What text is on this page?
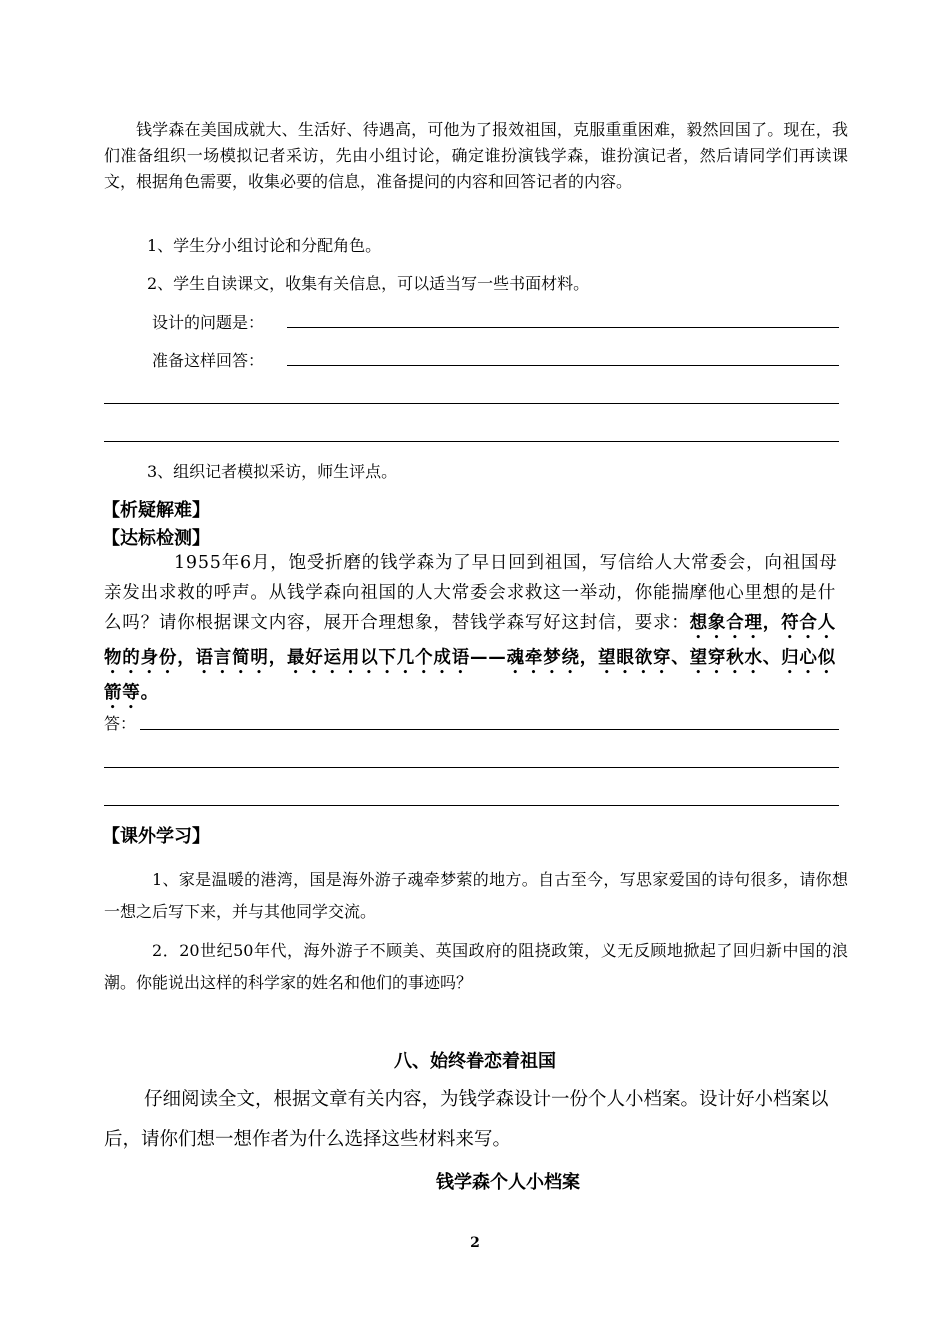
钱学森在美国成就大、生活好、待遇高，可他为了报效祖国，克服重重困难，毅然回国了。现在，我们准备组织一场模拟记者采访，先由小组讨论，确定谁扮演钱学森，谁扮演记者，然后请同学们再读课文，根据角色需要，收集必要的信息，准备提问的内容和回答记者的内容。
1、学生分小组讨论和分配角色。
2、学生自读课文，收集有关信息，可以适当写一些书面材料。
设计的问题是：
准备这样回答：
3、组织记者模拟采访，师生评点。
【析疑解难】
【达标检测】
1955年6月，饱受折磨的钱学森为了早日回到祖国，写信给人大常委会，向祖国母亲发出求救的呼声。从钱学森向祖国的人大常委会求救这一举动，你能揣摩他心里想的是什么吗？请你根据课文内容，展开合理想象，替钱学森写好这封信，要求：想象合理，符合人物的身份，语言简明，最好运用以下几个成语——魂牵梦绕，望眼欲穿、望穿秋水、归心似箭等。
答：
【课外学习】
1、家是温暖的港湾，国是海外游子魂牵梦萦的地方。自古至今，写思家爱国的诗句很多，请你想一想之后写下来，并与其他同学交流。
2．20世纪50年代，海外游子不顾美、英国政府的阻挠政策，义无反顾地掀起了回归新中国的浪潮。你能说出这样的科学家的姓名和他们的事迹吗？
八、始终眷恋着祖国
仔细阅读全文，根据文章有关内容，为钱学森设计一份个人小档案。设计好小档案以后，请你们想一想作者为什么选择这些材料来写。
钱学森个人小档案
2
